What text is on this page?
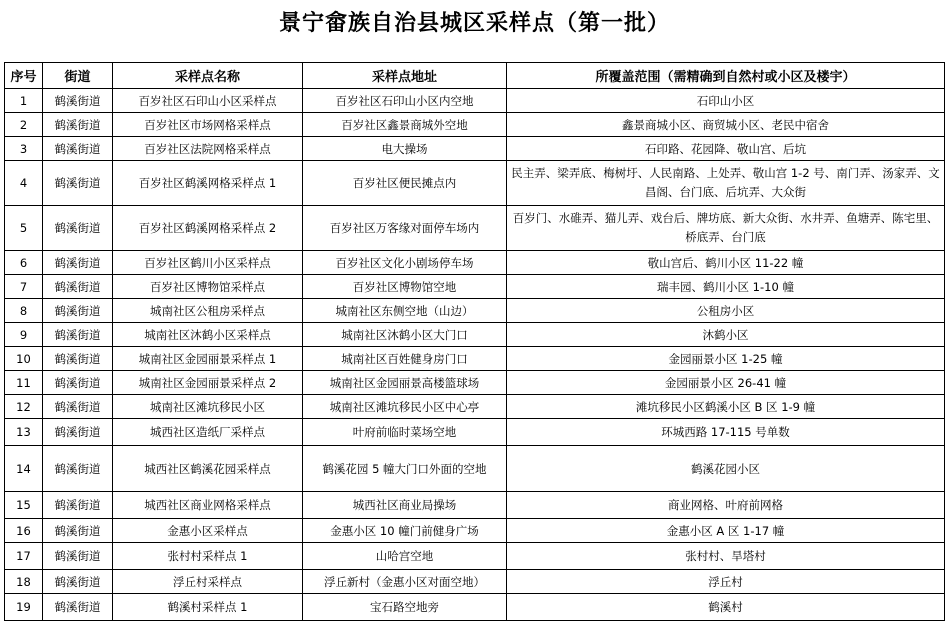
景宁畲族自治县城区采样点（第一批）
序号	街道	采样点名称	采样点地址	所覆盖范围（需精确到自然村或小区及楼宇）
1	鹤溪街道	百岁社区石印山小区采样点	百岁社区石印山小区内空地	石印山小区
2	鹤溪街道	百岁社区市场网格采样点	百岁社区鑫景商城外空地	鑫景商城小区、商贸城小区、老民中宿舍
3	鹤溪街道	百岁社区法院网格采样点	电大操场	石印路、花园降、敬山宫、后坑
4	鹤溪街道	百岁社区鹤溪网格采样点 1	百岁社区便民摊点内	民主弄、梁弄底、梅树圩、人民南路、上处弄、敬山宫 1-2 号、南门弄、汤家弄、文昌阁、台门底、后坑弄、大众街
5	鹤溪街道	百岁社区鹤溪网格采样点 2	百岁社区万客缘对面停车场内	百岁门、水碓弄、猫儿弄、戏台后、牌坊底、新大众街、水井弄、鱼塘弄、陈宅里、桥底弄、台门底
6	鹤溪街道	百岁社区鹤川小区采样点	百岁社区文化小剧场停车场	敬山宫后、鹤川小区 11-22 幢
7	鹤溪街道	百岁社区博物馆采样点	百岁社区博物馆空地	瑞丰园、鹤川小区 1-10 幢
8	鹤溪街道	城南社区公租房采样点	城南社区东侧空地（山边）	公租房小区
9	鹤溪街道	城南社区沐鹤小区采样点	城南社区沐鹤小区大门口	沐鹤小区
10	鹤溪街道	城南社区金园丽景采样点 1	城南社区百姓健身房门口	金园丽景小区 1-25 幢
11	鹤溪街道	城南社区金园丽景采样点 2	城南社区金园丽景高楼篮球场	金园丽景小区 26-41 幢
12	鹤溪街道	城南社区滩坑移民小区	城南社区滩坑移民小区中心亭	滩坑移民小区鹤溪小区 B 区 1-9 幢
13	鹤溪街道	城西社区造纸厂采样点	叶府前临时菜场空地	环城西路 17-115 号单数
14	鹤溪街道	城西社区鹤溪花园采样点	鹤溪花园 5 幢大门口外面的空地	鹤溪花园小区
15	鹤溪街道	城西社区商业网格采样点	城西社区商业局操场	商业网格、叶府前网格
16	鹤溪街道	金惠小区采样点	金惠小区 10 幢门前健身广场	金惠小区 A 区 1-17 幢
17	鹤溪街道	张村村采样点 1	山哈宫空地	张村村、旱塔村
18	鹤溪街道	浮丘村采样点	浮丘新村（金惠小区对面空地）	浮丘村
19	鹤溪街道	鹤溪村采样点 1	宝石路空地旁	鹤溪村
